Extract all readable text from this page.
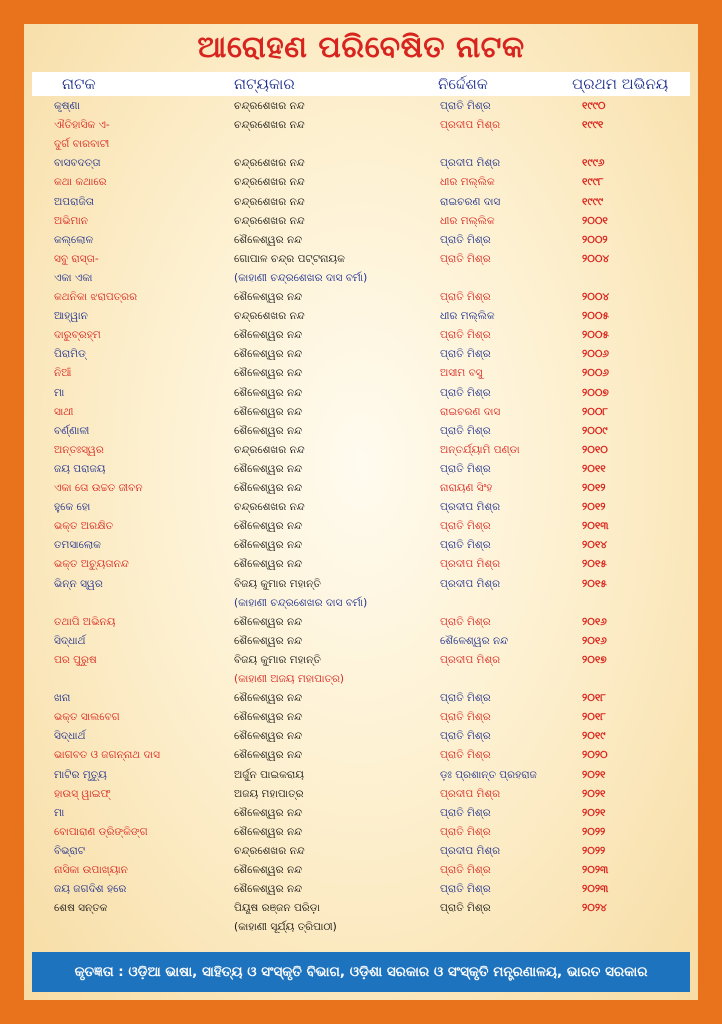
ଆରୋହଣ ପରିବେଷିତ ନାଟକ
ନାଟକ	ନାଟ୍ୟକାର	ନିର୍ଦ୍ଦେଶକ	ପ୍ରଥମ ଅଭିନୟ
କୃଷ୍ଣା	ଚନ୍ଦ୍ରଶେଖର ନନ୍ଦ	ପ୍ରାତି ମିଶ୍ର	୧୯୯୦
ଐତିହାସିକ ଏ-	ଚନ୍ଦ୍ରଶେଖର ନନ୍ଦ	ପ୍ରଦୀପ ମିଶ୍ର	୧୯୯୧
ଦୁର୍ଗ ବାରବାଟୀ
ବାସବଦତ୍ତା	ଚନ୍ଦ୍ରଶେଖର ନନ୍ଦ	ପ୍ରଦୀପ ମିଶ୍ର	୧୯୯୬
କଥା କଥାରେ	ଚନ୍ଦ୍ରଶେଖର ନନ୍ଦ	ଧୀର ମଲ୍ଲିକ	୧୯୯୮
ଅପରାଜିତା	ଚନ୍ଦ୍ରଶେଖର ନନ୍ଦ	ରାଇଚରଣ ଦାସ	୧୯୯୯
ଅଭିମାନ	ଚନ୍ଦ୍ରଶେଖର ନନ୍ଦ	ଧୀର ମଲ୍ଲିକ	୨୦୦୧
କଲ୍ଲୋଳ	ଶୈଳେଶ୍ୱର ନନ୍ଦ	ପ୍ରାତି ମିଶ୍ର	୨୦୦୨
ସବୁ ରାସ୍ତା-	ଗୋପାଳ ଚନ୍ଦ୍ର ପଟ୍ଟନାୟକ	ପ୍ରାତି ମିଶ୍ର	୨୦୦୪
ଏକା ଏକା	(କାହାଣୀ ଚନ୍ଦ୍ରଶେଖର ଦାସ ବର୍ମା)
କଥନିକା ଝରାପତ୍ରର	ଶୈଳେଶ୍ୱର ନନ୍ଦ	ପ୍ରାତି ମିଶ୍ର	୨୦୦୪
ଆହ୍ୱାନ	ଚନ୍ଦ୍ରଶେଖର ନନ୍ଦ	ଧୀର ମଲ୍ଲିକ	୨୦୦୫
ଦାରୁବ୍ରହ୍ମ	ଶୈଳେଶ୍ୱର ନନ୍ଦ	ପ୍ରାତି ମିଶ୍ର	୨୦୦୫
ପିରାମିଡ୍	ଶୈଳେଶ୍ୱର ନନ୍ଦ	ପ୍ରାତି ମିଶ୍ର	୨୦୦୬
ନିଆଁ	ଶୈଳେଶ୍ୱର ନନ୍ଦ	ଅସୀମ ବସୁ	୨୦୦୬
ମା	ଶୈଳେଶ୍ୱର ନନ୍ଦ	ପ୍ରାତି ମିଶ୍ର	୨୦୦୭
ସାଥୀ	ଶୈଳେଶ୍ୱର ନନ୍ଦ	ରାଇଚରଣ ଦାସ	୨୦୦୮
ବର୍ଣ୍ଣାଳୀ	ଶୈଳେଶ୍ୱର ନନ୍ଦ	ପ୍ରାତି ମିଶ୍ର	୨୦୦୯
ଅନ୍ତଃସ୍ୱର	ଚନ୍ଦ୍ରଶେଖର ନନ୍ଦ	ଅନ୍ତର୍ଯ୍ୟାମି ପଣ୍ଡା	୨୦୧୦
ଜୟ ପରାଜୟ	ଶୈଳେଶ୍ୱର ନନ୍ଦ	ପ୍ରାତି ମିଶ୍ର	୨୦୧୧
ଏକା ତୋ ଉଚ୍ଚତ ଜୀବନ	ଶୈଳେଶ୍ୱର ନନ୍ଦ	ନାରାୟଣ ସିଂହ	୨୦୧୨
ହୁକେ ହୋ	ଚନ୍ଦ୍ରଶେଖର ନନ୍ଦ	ପ୍ରଦୀପ ମିଶ୍ର	୨୦୧୨
ଭକ୍ତ ଅରକ୍ଷିତ	ଶୈଳେଶ୍ୱର ନନ୍ଦ	ପ୍ରାତି ମିଶ୍ର	୨୦୧୩
ତମସାଲୋକ	ଶୈଳେଶ୍ୱର ନନ୍ଦ	ପ୍ରାତି ମିଶ୍ର	୨୦୧୪
ଭକ୍ତ ଅଚ୍ୟୁତାନନ୍ଦ	ଶୈଳେଶ୍ୱର ନନ୍ଦ	ପ୍ରଦୀପ ମିଶ୍ର	୨୦୧୫
ଭିନ୍ନ ସ୍ୱର	ବିଜୟ କୁମାର ମହାନ୍ତି	ପ୍ରଦୀପ ମିଶ୍ର	୨୦୧୫
(କାହାଣୀ ଚନ୍ଦ୍ରଶେଖର ଦାସ ବର୍ମା)
ତଥାପି ଅଭିନୟ	ଶୈଳେଶ୍ୱର ନନ୍ଦ	ପ୍ରାତି ମିଶ୍ର	୨୦୧୬
ସିଦ୍ଧାର୍ଥ	ଶୈଳେଶ୍ୱର ନନ୍ଦ	ଶୈଳେଶ୍ୱର ନନ୍ଦ	୨୦୧୬
ପର ପୁରୁଷ	ବିଜୟ କୁମାର ମହାନ୍ତି	ପ୍ରଦୀପ ମିଶ୍ର	୨୦୧୭
(କାହାଣୀ ଅଜୟ ମହାପାତ୍ର)
ଖନା	ଶୈଳେଶ୍ୱର ନନ୍ଦ	ପ୍ରାତି ମିଶ୍ର	୨୦୧୮
ଭକ୍ତ ସାଲବେଗ	ଶୈଳେଶ୍ୱର ନନ୍ଦ	ପ୍ରାତି ମିଶ୍ର	୨୦୧୮
ସିଦ୍ଧାର୍ଥ	ଶୈଳେଶ୍ୱର ନନ୍ଦ	ପ୍ରାତି ମିଶ୍ର	୨୦୧୯
ଭାଗବତ ଓ ଜଗନ୍ନାଥ ଦାସ	ଶୈଳେଶ୍ୱର ନନ୍ଦ	ପ୍ରାତି ମିଶ୍ର	୨୦୨୦
ମାଟିର ମୃତ୍ୟୁ	ଅର୍ଜୁନ ପାଇକରାୟ	ଡ଼ଃ ପ୍ରଶାନ୍ତ ପ୍ରହରାଜ	୨୦୨୧
ହାଉସ୍ ୱାଇଫ୍	ଅଜୟ ମହାପାତ୍ର	ପ୍ରଦୀପ ମିଶ୍ର	୨୦୨୧
ମା	ଶୈଳେଶ୍ୱର ନନ୍ଦ	ପ୍ରାତି ମିଶ୍ର	୨୦୨୧
ବୋପାରାଣ ଡ୍ରିଙ୍କିଙ୍ଗ	ଶୈଳେଶ୍ୱର ନନ୍ଦ	ପ୍ରାତି ମିଶ୍ର	୨୦୨୨
ବିଭ୍ରାଟ	ଚନ୍ଦ୍ରଶେଖର ନନ୍ଦ	ପ୍ରଦୀପ ମିଶ୍ର	୨୦୨୨
ନାସିକା ଉପାଖ୍ୟାନ	ଶୈଳେଶ୍ୱର ନନ୍ଦ	ପ୍ରାତି ମିଶ୍ର	୨୦୨୩
ଜୟ ଜଗଦିଶ ହରେ	ଶୈଳେଶ୍ୱର ନନ୍ଦ	ପ୍ରାତି ମିଶ୍ର	୨୦୨୩
ଶେଷ ସନ୍ତକ	ପିୟୂଷ ରଞ୍ଜନ ପରିଡ଼ା	ପ୍ରାତି ମିଶ୍ର	୨୦୨୪
(କାହାଣୀ ସୂର୍ଯ୍ୟ ତ୍ରିପାଠୀ)
କୃତଜ୍ଞତା : ଓଡ଼ିଆ ଭାଷା, ସାହିତ୍ୟ ଓ ସଂସ୍କୃତି ବିଭାଗ, ଓଡ଼ିଶା ସରକାର ଓ ସଂସ୍କୃତି ମନ୍ତ୍ରଣାଳୟ, ଭାରତ ସରକାର
